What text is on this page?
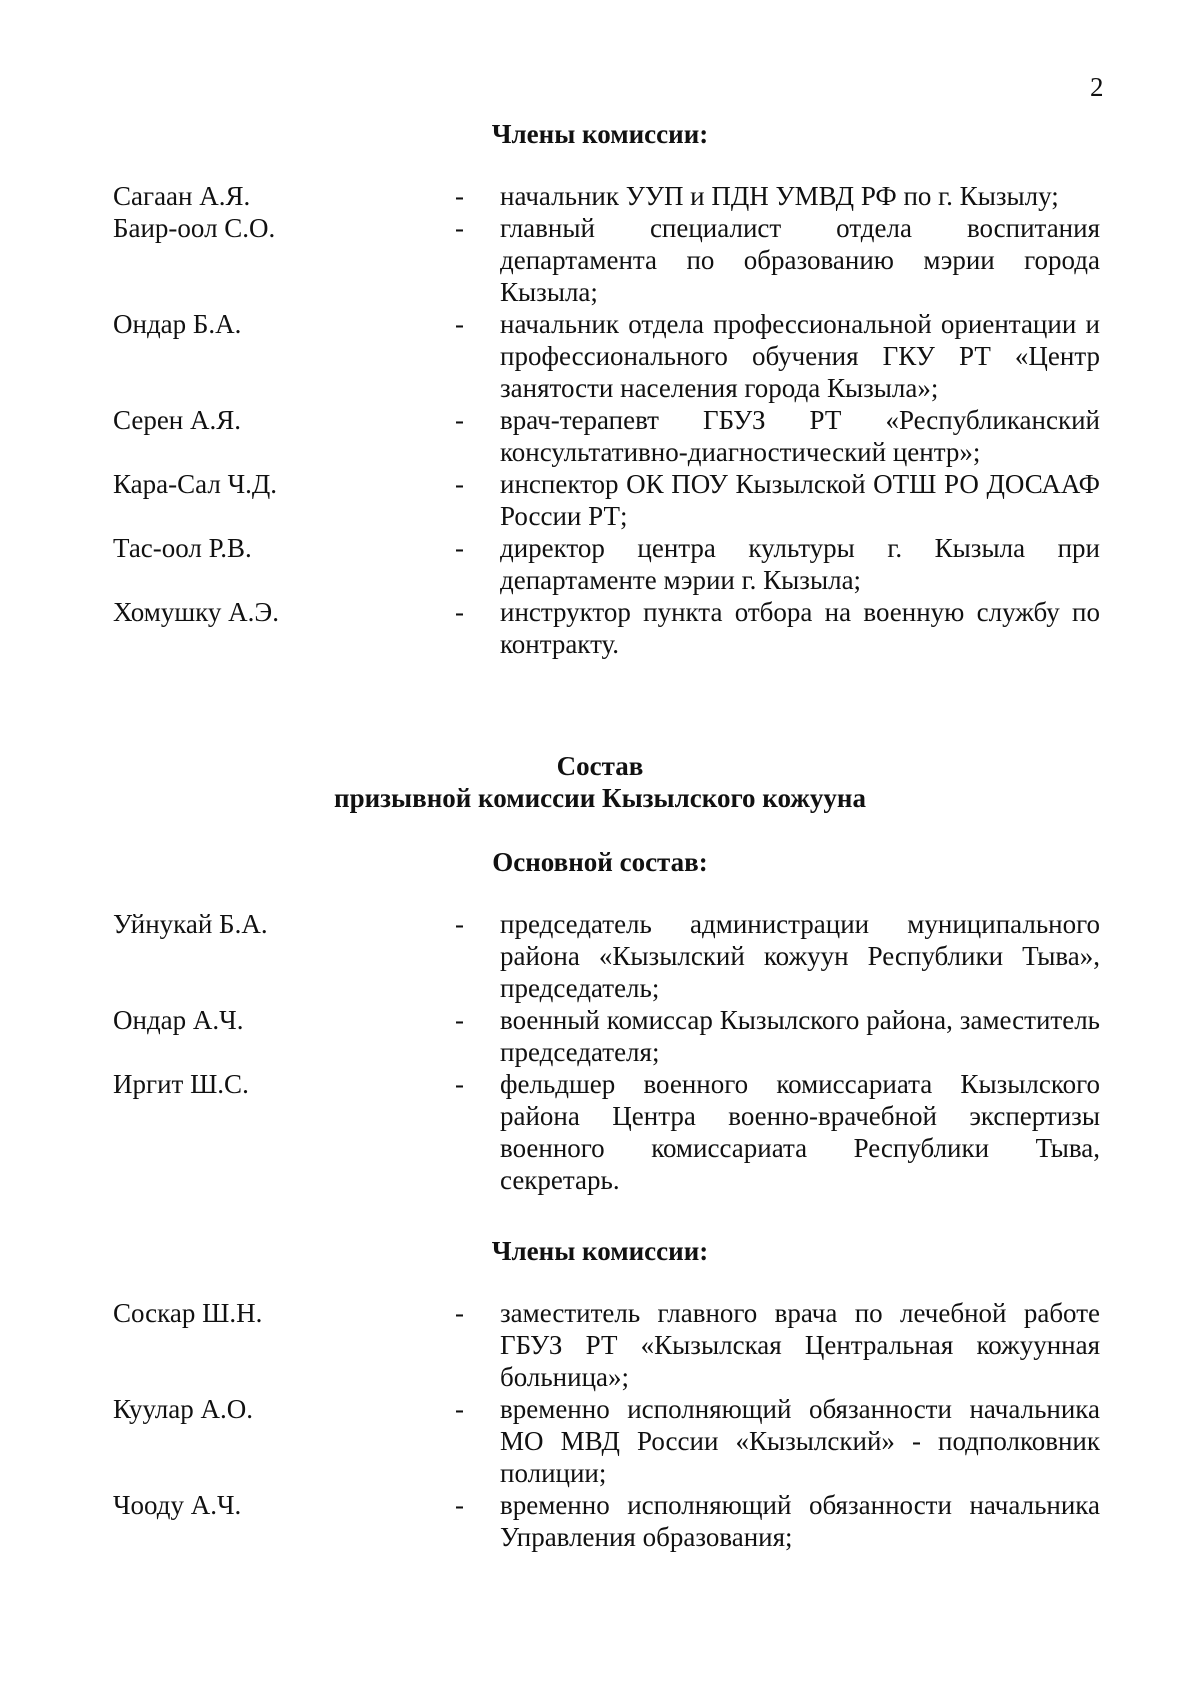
2
Члены комиссии:
Сагаан А.Я.	- начальник УУП и ПДН УМВД РФ по г. Кызылу;
Баир-оол С.О.	- главный специалист отдела воспитания департамента по образованию мэрии города Кызыла;
Ондар Б.А.	- начальник отдела профессиональной ориентации и профессионального обучения ГКУ РТ «Центр занятости населения города Кызыла»;
Серен А.Я.	- врач-терапевт ГБУЗ РТ «Республиканский консультативно-диагностический центр»;
Кара-Сал Ч.Д.	- инспектор ОК ПОУ Кызылской ОТШ РО ДОСААФ России РТ;
Тас-оол Р.В.	- директор центра культуры г. Кызыла при департаменте мэрии г. Кызыла;
Хомушку А.Э.	- инструктор пункта отбора на военную службу по контракту.
Состав
призывной комиссии Кызылского кожууна
Основной состав:
Уйнукай Б.А.	- председатель администрации муниципального района «Кызылский кожуун Республики Тыва», председатель;
Ондар А.Ч.	- военный комиссар Кызылского района, заместитель председателя;
Иргит Ш.С.	- фельдшер военного комиссариата Кызылского района Центра военно-врачебной экспертизы военного комиссариата Республики Тыва, секретарь.
Члены комиссии:
Соскар Ш.Н.	- заместитель главного врача по лечебной работе ГБУЗ РТ «Кызылская Центральная кожуунная больница»;
Куулар А.О.	- временно исполняющий обязанности начальника МО МВД России «Кызылский» - подполковник полиции;
Чооду А.Ч.	- временно исполняющий обязанности начальника Управления образования;
